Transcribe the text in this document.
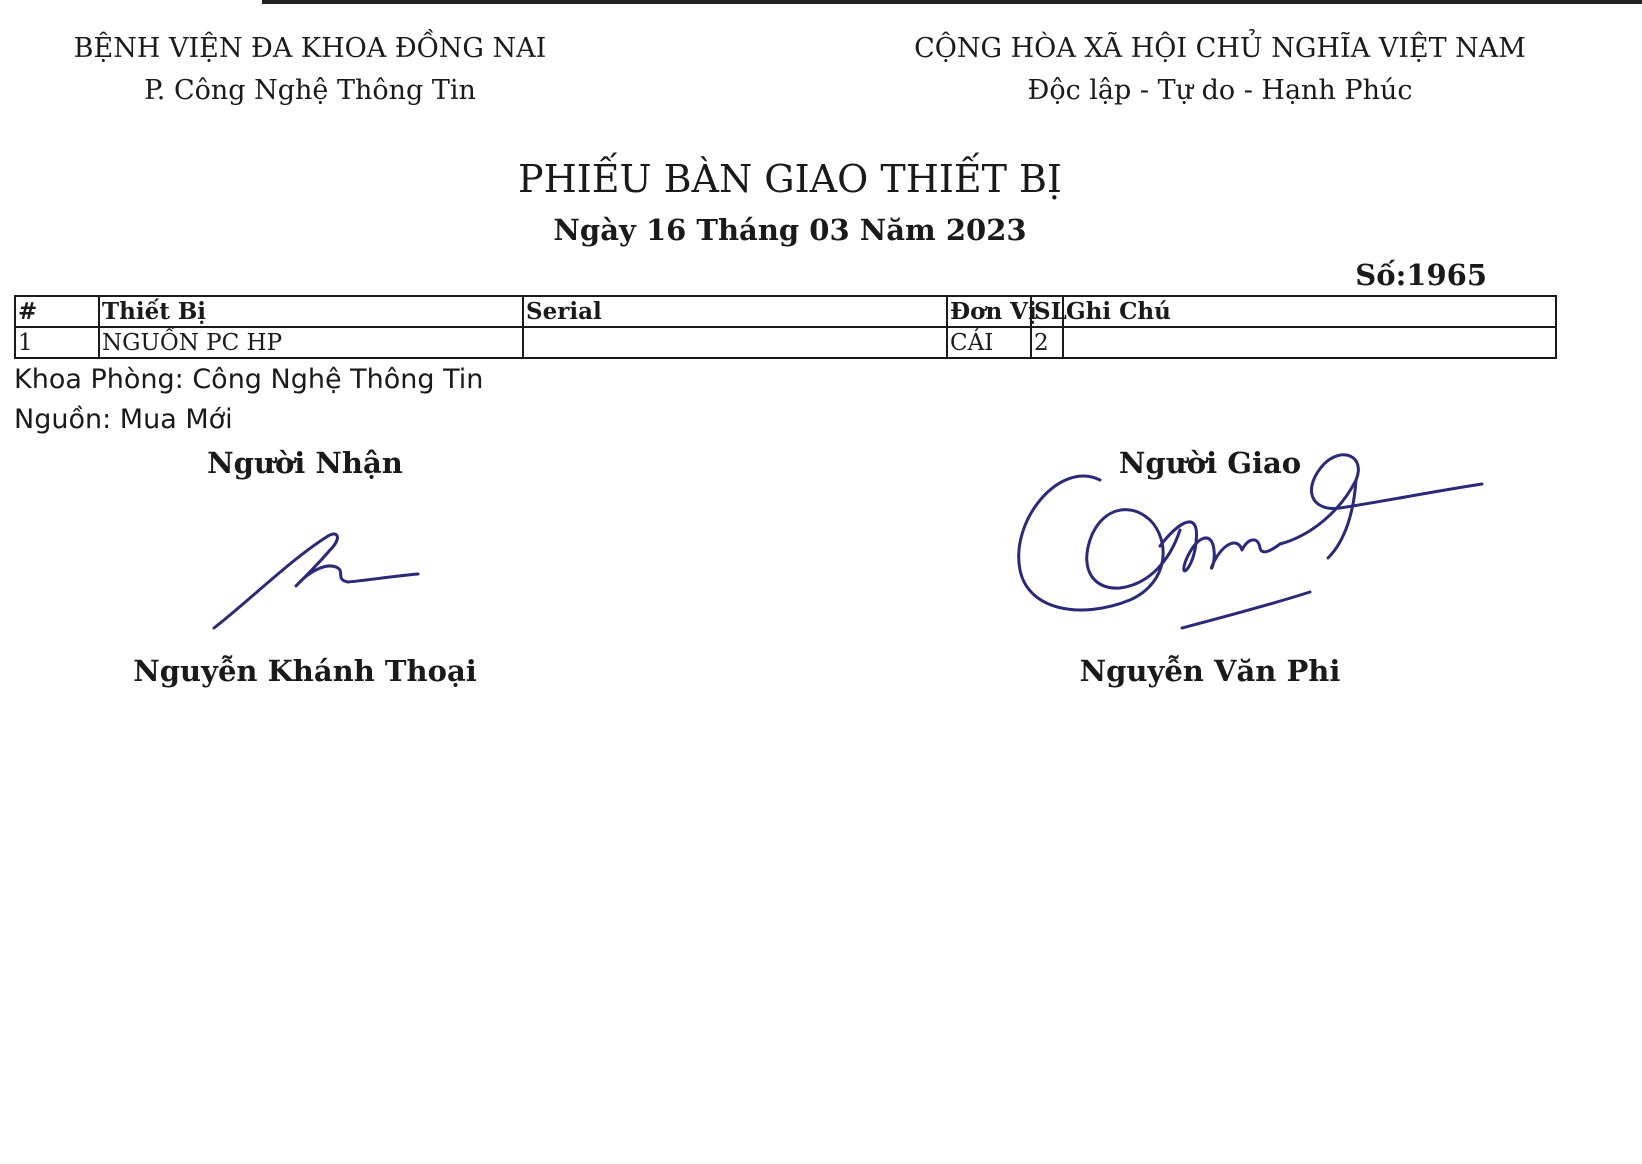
BỆNH VIỆN ĐA KHOA ĐỒNG NAI
P. Công Nghệ Thông Tin
CỘNG HÒA XÃ HỘI CHỦ NGHĨA VIỆT NAM
Độc lập - Tự do - Hạnh Phúc
PHIẾU BÀN GIAO THIẾT BỊ
Ngày 16 Tháng 03 Năm 2023
Số:1965
#	Thiết Bị	Serial	Đơn Vị	SL	Ghi Chú
1	NGUỒN PC HP		CÁI	2	
Khoa Phòng: Công Nghệ Thông Tin
Nguồn: Mua Mới
Người Nhận	Người Giao
Nguyễn Khánh Thoại	Nguyễn Văn Phi
